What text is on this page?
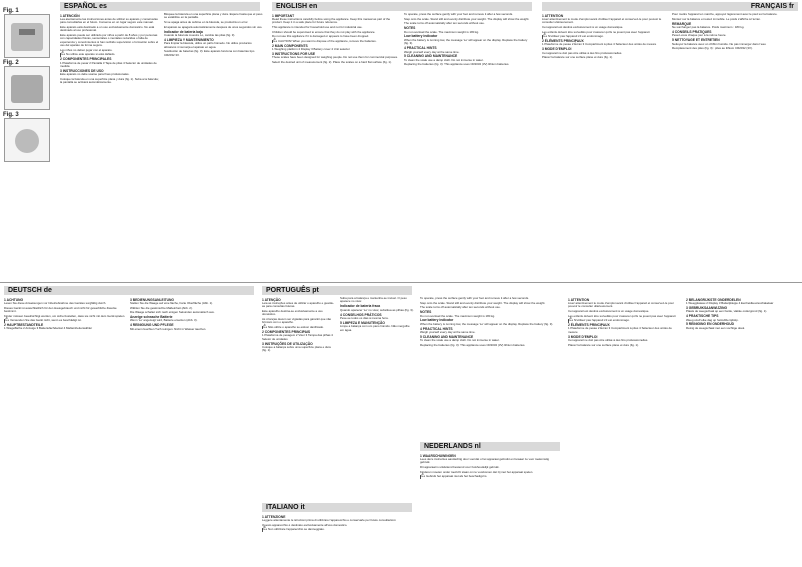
ESPAÑOL es	ENGLISH en	FRANÇAIS fr
Fig. 1
Fig. 2
Fig. 3
1 ATENCIÓN

Lea atentamente las instrucciones antes de utilizar su aparato y consérvelas para consultarlas en el futuro. Conserve en un lugar seguro este manual.

Este aparato está destinado a un uso exclusivamente doméstico. No está destinado al uso profesional.

Este aparato puede ser utilizado por niños a partir de 8 años y por personas con capacidades físicas, sensoriales o mentales reducidas o falta de experiencia y conocimientos si han recibido supervisión o formación sobre el uso del aparato de forma segura.

Los niños no deben jugar con el aparato.

⚠ No utilice este aparato si está dañado.

2 COMPONENTES PRINCIPALES

1 Plataforma de pesar 2 Pantalla 3 Tapa de pilas 4 Selector de unidades de medida

3 INSTRUCCIONES DE USO

Este aparato no debe usarse para fines profesionales.

Coloque la báscula en una superficie plana y dura (fig. 1). Suba a la báscula; la pantalla se activará automáticamente.

Bloquee la báscula en una superficie plana y dura. Espere hasta que el peso se estabilice en la pantalla.

Si se apaga antes de subirse en la báscula, se producirá un error.

El aparato se apagará automáticamente después de unos segundos sin uso.

Indicador de batería baja

Cuando la báscula muestre Lo, cambie las pilas (fig. 3).

4 LIMPIEZA Y MANTENIMIENTO

Para limpiar la báscula, utilice un paño húmedo. No utilice productos abrasivos ni sumerja el aparato en agua.

Sustitución de baterías (fig. 3): Este aparato funciona con baterías tipo CR2032 3V.

1 IMPORTANT

Read these instructions carefully before using the appliance. Keep this manual as part of the product. Keep it in a safe place for future reference.

This appliance is intended for household use and not for industrial use.

Children should be supervised to ensure that they do not play with the appliance.

Do not use this appliance if it is damaged or appears to have been dropped.

⚠ CAUTION! When you want to dispose of the appliance, remove the batteries.

2 MAIN COMPONENTS

1 Weighing platform 2 Display 3 Battery cover 4 Unit selector

3 INSTRUCTIONS FOR USE

These scales have been designed for weighing people. Do not use them for commercial purposes.

Select the desired unit of measurement (fig. 2). Place the scales on a hard flat surface (fig. 1).

To operate, press the surface gently with your foot and remove it after a few seconds.

Step onto the scale. Stand still and evenly distribute your weight. The display will show the weight.

The scale turns off automatically after ten seconds without use.

NOTES

Do not overload the scale. The maximum weight is 180 kg.

Low battery indicator

When the battery is running low, the message 'Lo' will appear on the display. Replace the battery (fig. 3).

4 PRACTICAL HINTS

Weigh yourself every day at the same time.

5 CLEANING AND MAINTENANCE

To clean the scale use a damp cloth. Do not immerse in water.

Replacing the batteries (fig. 3): This appliance uses CR2032 (3V) lithium batteries.

1 ATTENTION

Lisez attentivement le mode d'emploi avant d'utiliser l'appareil et conservez-le pour pouvoir le consulter ultérieurement.

Cet appareil est destiné exclusivement à un usage domestique.

Les enfants doivent être surveillés pour s'assurer qu'ils ne jouent pas avec l'appareil.

⚠ N'utilisez pas l'appareil s'il est endommagé.

2 ÉLÉMENTS PRINCIPAUX

1 Plateforme de pesée 2 Écran 3 Compartiment à piles 4 Sélecteur des unités de mesure

3 MODE D'EMPLOI

Cet appareil ne doit pas être utilisé à des fins professionnelles.

Placez la balance sur une surface plane et dure (fig. 1).

Pour mettre l'appareil en marche, appuyez légèrement avec le pied sur la balance.

Montez sur la balance et restez immobile. Le poids s'affiche à l'écran.

REMARQUE

Ne surchargez pas la balance. Poids maximum : 180 kg.

4 CONSEILS PRATIQUES

Pesez-vous chaque jour à la même heure.

5 NETTOYAGE ET ENTRETIEN

Nettoyez la balance avec un chiffon humide. Ne pas immerger dans l'eau.

Remplacement des piles (fig. 3) : piles au lithium CR2032 (3V).

DEUTSCH de	PORTUGUÊS pt
ITALIANO it
NEDERLANDS nl
1 ACHTUNG

Lesen Sie diese Anweisungen vor Inbetriebnahme des Gerätes sorgfältig durch.

Dieses Gerät ist ausschließlich für den Hausgebrauch und nicht für gewerbliche Zwecke bestimmt.

Kinder müssen beaufsichtigt werden, um sicherzustellen, dass sie nicht mit dem Gerät spielen.

⚠ Verwenden Sie das Gerät nicht, wenn es beschädigt ist.

2 HAUPTBESTANDTEILE

1 Wiegefläche 2 Anzeige 3 Batteriefachdeckel 4 Maßeinheitenwähler

3 BEDIENUNGSANLEITUNG

Stellen Sie die Waage auf eine flache, harte Oberfläche (Abb. 1).

Wählen Sie die gewünschte Maßeinheit (Abb. 2).

Die Waage schaltet sich nach einigen Sekunden automatisch aus.

Anzeige schwache Batterie

Wenn 'Lo' angezeigt wird, Batterie ersetzen (Abb. 3).

4 REINIGUNG UND PFLEGE

Mit einem feuchten Tuch reinigen. Nicht in Wasser tauchen.

1 ATENÇÃO

Leia as instruções antes de utilizar o aparelho e guarde-as para consultas futuras.

Este aparelho destina-se exclusivamente a uso doméstico.

As crianças devem ser vigiadas para garantir que não brincam com o aparelho.

⚠ Não utilize o aparelho se estiver danificado.

2 COMPONENTES PRINCIPAIS

1 Plataforma de pesagem 2 Visor 3 Tampa das pilhas 4 Seletor de unidades

3 INSTRUÇÕES DE UTILIZAÇÃO

Coloque a balança sobre uma superfície plana e dura (fig. 1).

Suba para a balança e mantenha-se imóvel. O peso aparece no visor.

Indicador de bateria fraca

Quando aparecer 'Lo' no visor, substitua as pilhas (fig. 3).

4 CONSELHOS PRÁTICOS

Pese-se todos os dias à mesma hora.

5 LIMPEZA E MANUTENÇÃO

Limpe a balança com um pano húmido. Não mergulhe em água.

1 ATTENZIONE

Leggere attentamente le istruzioni prima di utilizzare l'apparecchio e conservarle per future consultazioni.

Questo apparecchio è destinato esclusivamente all'uso domestico.

⚠ Non utilizzare l'apparecchio se danneggiato.

To operate, press the surface gently with your foot and remove it after a few seconds.

Step onto the scale. Stand still and evenly distribute your weight. The display will show the weight.

The scale turns off automatically after ten seconds without use.

NOTES

Do not overload the scale. The maximum weight is 180 kg.

Low battery indicator

When the battery is running low, the message 'Lo' will appear on the display. Replace the battery (fig. 3).

4 PRACTICAL HINTS

Weigh yourself every day at the same time.

5 CLEANING AND MAINTENANCE

To clean the scale use a damp cloth. Do not immerse in water.

Replacing the batteries (fig. 3): This appliance uses CR2032 (3V) lithium batteries.

1 WAARSCHUWINGEN

Lees deze instructies aandachtig door voordat u het apparaat gebruikt en bewaar ze voor toekomstig gebruik.

Dit apparaat is uitsluitend bestemd voor huishoudelijk gebruik.

Kinderen moeten onder toezicht staan om te voorkomen dat zij met het apparaat spelen.

⚠ Gebruik het apparaat niet als het beschadigd is.

1 ATTENTION

Lisez attentivement le mode d'emploi avant d'utiliser l'appareil et conservez-le pour pouvoir le consulter ultérieurement.

Cet appareil est destiné exclusivement à un usage domestique.

Les enfants doivent être surveillés pour s'assurer qu'ils ne jouent pas avec l'appareil.

⚠ N'utilisez pas l'appareil s'il est endommagé.

2 ÉLÉMENTS PRINCIPAUX

1 Plateforme de pesée 2 Écran 3 Compartiment à piles 4 Sélecteur des unités de mesure

3 MODE D'EMPLOI

Cet appareil ne doit pas être utilisé à des fins professionnelles.

Placez la balance sur une surface plane et dure (fig. 1).

2 BELANGRIJKSTE ONDERDELEN

1 Weegplateau 2 Display 3 Batterijklepje 4 Eenheidkeuzeschakelaar

3 GEBRUIKSAANWIJZING

Plaats de weegschaal op een harde, vlakke ondergrond (fig. 1).

4 PRAKTISCHE TIPS

Weeg uzelf elke dag op hetzelfde tijdstip.

5 REINIGING EN ONDERHOUD

Reinig de weegschaal met een vochtige doek.
